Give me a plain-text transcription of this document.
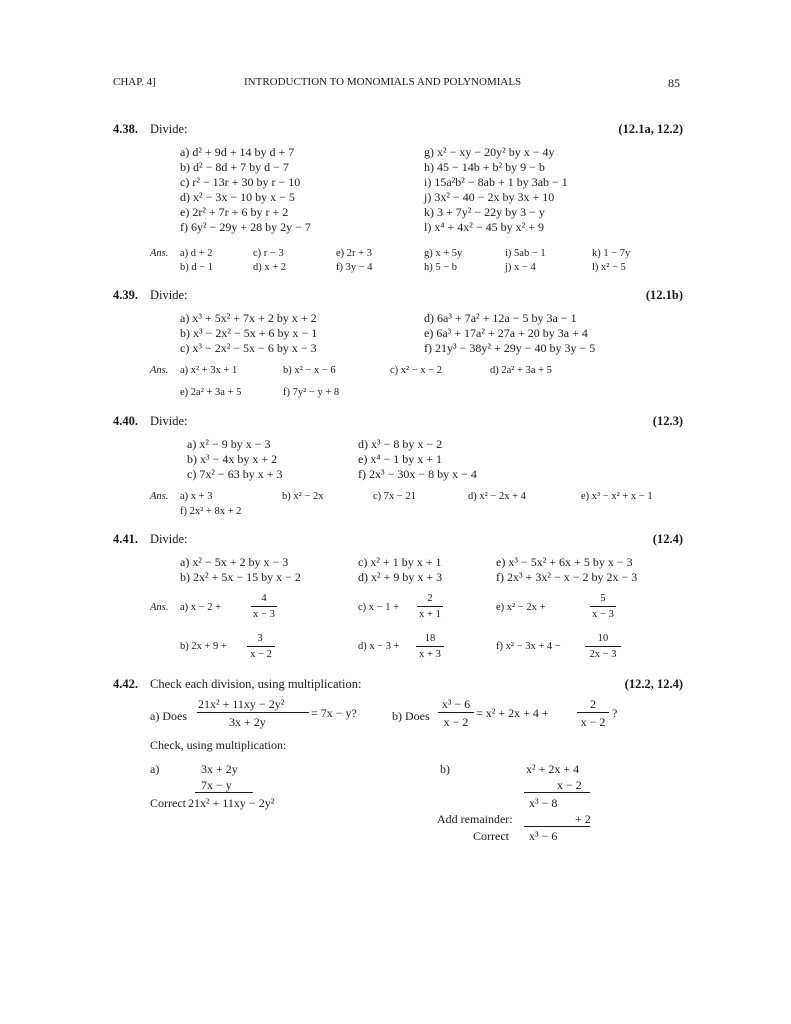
CHAP. 4]	INTRODUCTION TO MONOMIALS AND POLYNOMIALS	85
4.38. Divide:	(12.1a, 12.2)
a) d² + 9d + 14 by d + 7
b) d² − 8d + 7 by d − 7
c) r² − 13r + 30 by r − 10
d) x² − 3x − 10 by x − 5
e) 2r² + 7r + 6 by r + 2
f) 6y² − 29y + 28 by 2y − 7
g) x² − xy − 20y² by x − 4y
h) 45 − 14b + b² by 9 − b
i) 15a²b² − 8ab + 1 by 3ab − 1
j) 3x² − 40 − 2x by 3x + 10
k) 3 + 7y² − 22y by 3 − y
l) x⁴ + 4x² − 45 by x² + 9
Ans. a) d + 2	c) r − 3	e) 2r + 3	g) x + 5y	i) 5ab − 1	k) 1 − 7y
b) d − 1	d) x + 2	f) 3y − 4	h) 5 − b	j) x − 4	l) x² − 5
4.39. Divide:	(12.1b)
a) x³ + 5x² + 7x + 2 by x + 2
b) x³ − 2x² − 5x + 6 by x − 1
c) x³ − 2x² − 5x − 6 by x − 3
d) 6a³ + 7a² + 12a − 5 by 3a − 1
e) 6a³ + 17a² + 27a + 20 by 3a + 4
f) 21y³ − 38y² + 29y − 40 by 3y − 5
Ans. a) x² + 3x + 1	b) x² − x − 6	c) x² − x − 2	d) 2a² + 3a + 5
e) 2a² + 3a + 5	f) 7y² − y + 8
4.40. Divide:	(12.3)
a) x² − 9 by x − 3
b) x³ − 4x by x + 2
c) 7x² − 63 by x + 3
d) x³ − 8 by x − 2
e) x⁴ − 1 by x + 1
f) 2x³ − 30x − 8 by x − 4
Ans. a) x + 3	b) x² − 2x	c) 7x − 21	d) x² − 2x + 4	e) x³ − x² + x − 1
f) 2x² + 8x + 2
4.41. Divide:	(12.4)
a) x² − 5x + 2 by x − 3	c) x² + 1 by x + 1	e) x³ − 5x² + 6x + 5 by x − 3
b) 2x² + 5x − 15 by x − 2	d) x² + 9 by x + 3	f) 2x³ + 3x² − x − 2 by 2x − 3
Ans. a) x − 2 +
4
x − 3
c) x − 1 +
2
x + 1
e) x² − 2x +
5
x − 3
b) 2x + 9 +
3
x − 2
d) x − 3 +
18
x + 3
f) x² − 3x + 4 −
10
2x − 3
4.42. Check each division, using multiplication:	(12.2, 12.4)
a) Does
21x² + 11xy − 2y²
3x + 2y
= 7x − y?	b) Does
x³ − 6
x − 2
= x² + 2x + 4 +
2
x − 2
?
Check, using multiplication:
a)	3x + 2y
7x − y
Correct 21x² + 11xy − 2y²
b)	x² + 2x + 4
x − 2
x³ − 8
Add remainder:	+ 2
Correct x³ − 6
